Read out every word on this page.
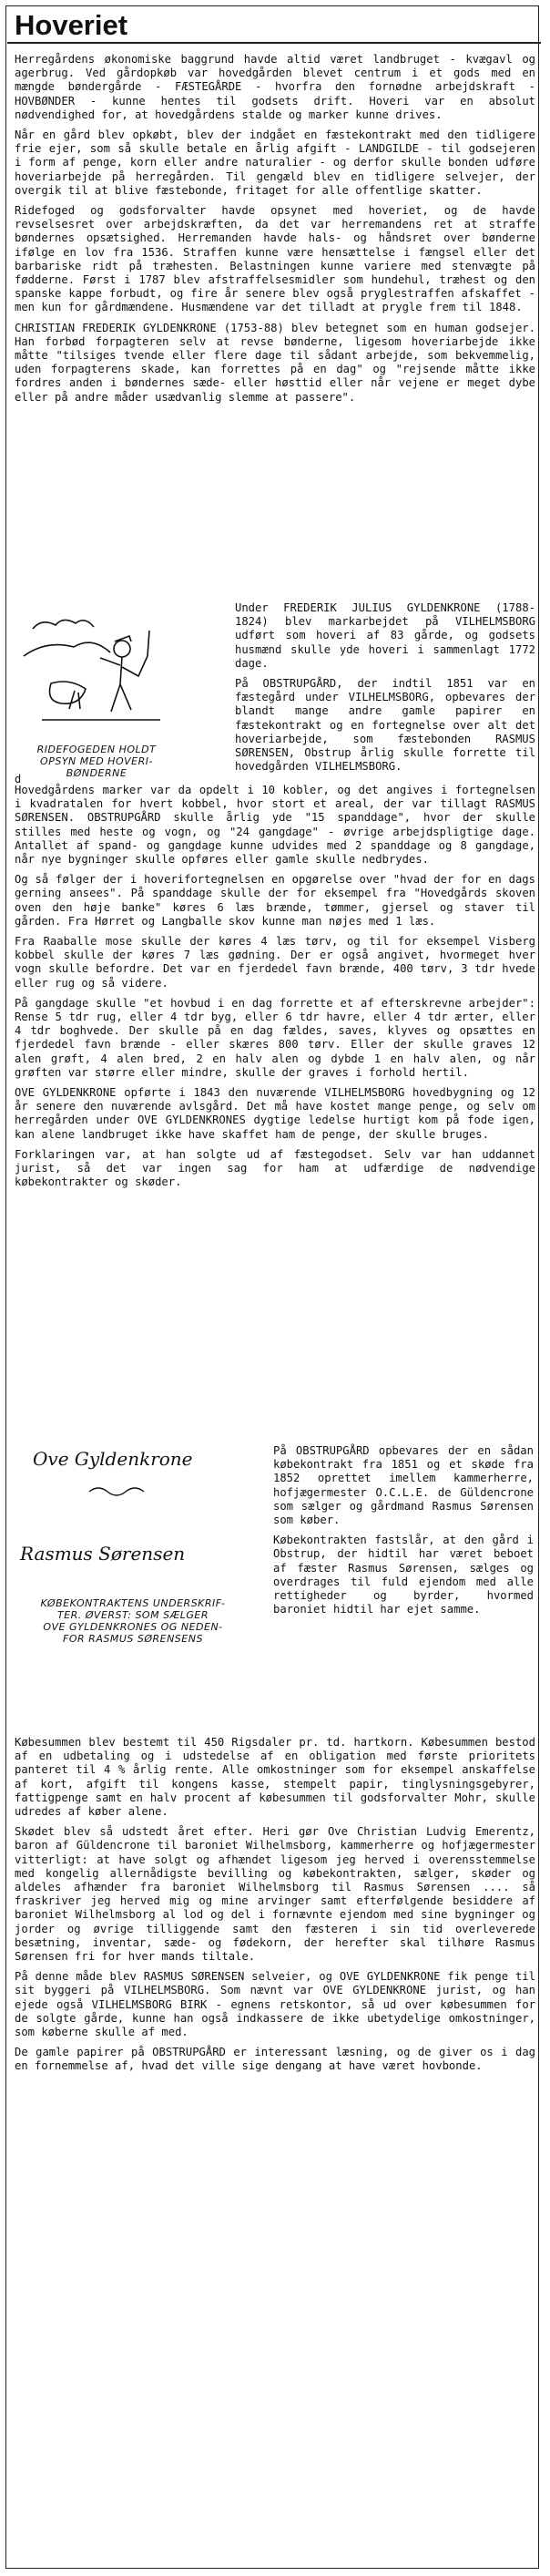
Hoveriet

Herregårdens økonomiske baggrund havde altid været landbruget - kvægavl og agerbrug. Ved gårdopkøb var hovedgården blevet centrum i et gods med en mængde bøndergårde - FÆSTEGÅRDE - hvorfra den fornødne arbejdskraft - HOVBØNDER - kunne hentes til godsets drift. Hoveri var en absolut nødvendighed for, at hovedgårdens stalde og marker kunne drives.

Når en gård blev opkøbt, blev der indgået en fæstekontrakt med den tidligere frie ejer, som så skulle betale en årlig afgift - LANDGILDE - til godsejeren i form af penge, korn eller andre naturalier - og derfor skulle bonden udføre hoveriarbejde på herregården. Til gengæld blev en tidligere selvejer, der overgik til at blive fæstebonde, fritaget for alle offentlige skatter.

Ridefoged og godsforvalter havde opsynet med hoveriet, og de havde revselsesret over arbejdskræften, da det var herremandens ret at straffe bøndernes opsætsighed. Herremanden havde hals- og håndsret over bønderne ifølge en lov fra 1536. Straffen kunne være hensættelse i fængsel eller det barbariske ridt på træhesten. Belastningen kunne variere med stenvægte på fødderne. Først i 1787 blev afstraffelsesmidler som hundehul, træhest og den spanske kappe forbudt, og fire år senere blev også pryglestraffen afskaffet - men kun for gårdmændene. Husmændene var det tilladt at prygle frem til 1848.

CHRISTIAN FREDERIK GYLDENKRONE (1753-88) blev betegnet som en human godsejer. Han forbød forpagteren selv at revse bønderne, ligesom hoveriarbejde ikke måtte "tilsiges tvende eller flere dage til sådant arbejde, som bekvemmelig, uden forpagterens skade, kan forrettes på en dag" og "rejsende måtte ikke fordres anden i bøndernes sæde- eller høsttid eller når vejene er meget dybe eller på andre måder usædvanlig slemme at passere".

RIDEFOGEDEN HOLDT
OPSYN MED HOVERI-
BØNDERNE
d

Under FREDERIK JULIUS GYLDENKRONE (1788-1824) blev markarbejdet på VILHELMSBORG udført som hoveri af 83 gårde, og godsets husmænd skulle yde hoveri i sammenlagt 1772 dage.

På OBSTRUPGÅRD, der indtil 1851 var en fæstegård under VILHELMSBORG, opbevares der blandt mange andre gamle papirer en fæstekontrakt og en fortegnelse over alt det hoveriarbejde, som fæstebonden RASMUS SØRENSEN, Obstrup årlig skulle forrette til hovedgården VILHELMSBORG.

Hovedgårdens marker var da opdelt i 10 kobler, og det angives i fortegnelsen i kvadratalen for hvert kobbel, hvor stort et areal, der var tillagt RASMUS SØRENSEN. OBSTRUPGÅRD skulle årlig yde "15 spanddage", hvor der skulle stilles med heste og vogn, og "24 gangdage" - øvrige arbejdspligtige dage. Antallet af spand- og gangdage kunne udvides med 2 spanddage og 8 gangdage, når nye bygninger skulle opføres eller gamle skulle nedbrydes.

Og så følger der i hoverifortegnelsen en opgørelse over "hvad der for en dags gerning ansees". På spanddage skulle der for eksempel fra "Hovedgårds skoven oven den høje banke" køres 6 læs brænde, tømmer, gjersel og staver til gården. Fra Hørret og Langballe skov kunne man nøjes med 1 læs.

Fra Raaballe mose skulle der køres 4 læs tørv, og til for eksempel Visberg kobbel skulle der køres 7 læs gødning. Der er også angivet, hvormeget hver vogn skulle befordre. Det var en fjerdedel favn brænde, 400 tørv, 3 tdr hvede eller rug og så videre.

På gangdage skulle "et hovbud i en dag forrette et af efterskrevne arbejder": Rense 5 tdr rug, eller 4 tdr byg, eller 6 tdr havre, eller 4 tdr ærter, eller 4 tdr boghvede. Der skulle på en dag fældes, saves, klyves og opsættes en fjerdedel favn brænde - eller skæres 800 tørv. Eller der skulle graves 12 alen grøft, 4 alen bred, 2 en halv alen og dybde 1 en halv alen, og når grøften var større eller mindre, skulle der graves i forhold hertil.

OVE GYLDENKRONE opførte i 1843 den nuværende VILHELMSBORG hovedbygning og 12 år senere den nuværende avlsgård. Det må have kostet mange penge, og selv om herregården under OVE GYLDENKRONES dygtige ledelse hurtigt kom på fode igen, kan alene landbruget ikke have skaffet ham de penge, der skulle bruges.

Forklaringen var, at han solgte ud af fæstegodset. Selv var han uddannet jurist, så det var ingen sag for ham at udfærdige de nødvendige købekontrakter og skøder.

Ove Gyldenkrone
Rasmus Sørensen
KØBEKONTRAKTENS UNDERSKRIF-
TER. ØVERST: SOM SÆLGER
OVE GYLDENKRONES OG NEDEN-
FOR RASMUS SØRENSENS

På OBSTRUPGÅRD opbevares der en sådan købekontrakt fra 1851 og et skøde fra 1852 oprettet imellem kammerherre, hofjægermester O.C.L.E. de Güldencrone som sælger og gårdmand Rasmus Sørensen som køber.

Købekontrakten fastslår, at den gård i Obstrup, der hidtil har været beboet af fæster Rasmus Sørensen, sælges og overdrages til fuld ejendom med alle rettigheder og byrder, hvormed baroniet hidtil har ejet samme.

Købesummen blev bestemt til 450 Rigsdaler pr. td. hartkorn. Købesummen bestod af en udbetaling og i udstedelse af en obligation med første prioritets panteret til 4 % årlig rente. Alle omkostninger som for eksempel anskaffelse af kort, afgift til kongens kasse, stempelt papir, tinglysningsgebyrer, fattigpenge samt en halv procent af købesummen til godsforvalter Mohr, skulle udredes af køber alene.

Skødet blev så udstedt året efter. Heri gør Ove Christian Ludvig Emerentz, baron af Güldencrone til baroniet Wilhelmsborg, kammerherre og hofjægermester vitterligt: at have solgt og afhændet ligesom jeg herved i overensstemmelse med kongelig allernådigste bevilling og købekontrakten, sælger, skøder og aldeles afhænder fra baroniet Wilhelmsborg til Rasmus Sørensen .... så fraskriver jeg herved mig og mine arvinger samt efterfølgende besiddere af baroniet Wilhelmsborg al lod og del i fornævnte ejendom med sine bygninger og jorder og øvrige tilliggende samt den fæsteren i sin tid overleverede besætning, inventar, sæde- og fødekorn, der herefter skal tilhøre Rasmus Sørensen fri for hver mands tiltale.

På denne måde blev RASMUS SØRENSEN selveier, og OVE GYLDENKRONE fik penge til sit byggeri på VILHELMSBORG. Som nævnt var OVE GYLDENKRONE jurist, og han ejede også VILHELMSBORG BIRK - egnens retskontor, så ud over købesummen for de solgte gårde, kunne han også indkassere de ikke ubetydelige omkostninger, som køberne skulle af med.

De gamle papirer på OBSTRUPGÅRD er interessant læsning, og de giver os i dag en fornemmelse af, hvad det ville sige dengang at have været hovbonde.
